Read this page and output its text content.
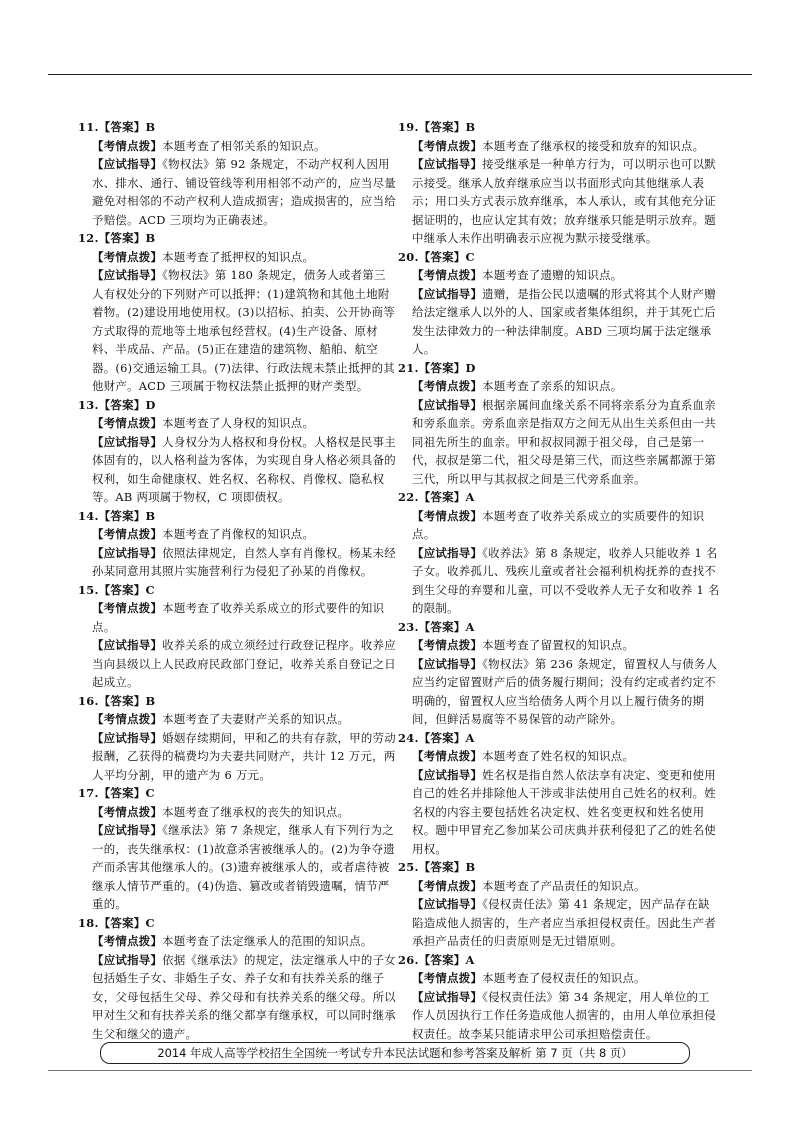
11.【答案】B
【考情点拨】本题考查了相邻关系的知识点。
【应试指导】《物权法》第 92 条规定，不动产权利人因用水、排水、通行、铺设管线等利用相邻不动产的，应当尽量避免对相邻的不动产权利人造成损害；造成损害的，应当给予赔偿。ACD 三项均为正确表述。
12.【答案】B
【考情点拨】本题考查了抵押权的知识点。
【应试指导】《物权法》第 180 条规定，债务人或者第三人有权处分的下列财产可以抵押：(1)建筑物和其他土地附着物。(2)建设用地使用权。(3)以招标、拍卖、公开协商等方式取得的荒地等土地承包经营权。(4)生产设备、原材料、半成品、产品。(5)正在建造的建筑物、船舶、航空器。(6)交通运输工具。(7)法律、行政法规未禁止抵押的其他财产。ACD 三项属于物权法禁止抵押的财产类型。
13.【答案】D
【考情点拨】本题考查了人身权的知识点。
【应试指导】人身权分为人格权和身份权。人格权是民事主体固有的，以人格利益为客体，为实现自身人格必须具备的权利，如生命健康权、姓名权、名称权、肖像权、隐私权等。AB 两项属于物权，C 项即债权。
14.【答案】B
【考情点拨】本题考查了肖像权的知识点。
【应试指导】依照法律规定，自然人享有肖像权。杨某未经孙某同意用其照片实施营利行为侵犯了孙某的肖像权。
15.【答案】C
【考情点拨】本题考查了收养关系成立的形式要件的知识点。
【应试指导】收养关系的成立须经过行政登记程序。收养应当向县级以上人民政府民政部门登记，收养关系自登记之日起成立。
16.【答案】B
【考情点拨】本题考查了夫妻财产关系的知识点。
【应试指导】婚姻存续期间，甲和乙的共有存款，甲的劳动报酬，乙获得的稿费均为夫妻共同财产，共计 12 万元，两人平均分割，甲的遗产为 6 万元。
17.【答案】C
【考情点拨】本题考查了继承权的丧失的知识点。
【应试指导】《继承法》第 7 条规定，继承人有下列行为之一的，丧失继承权：(1)故意杀害被继承人的。(2)为争夺遗产而杀害其他继承人的。(3)遗弃被继承人的，或者虐待被继承人情节严重的。(4)伪造、篡改或者销毁遗嘱，情节严重的。
18.【答案】C
【考情点拨】本题考查了法定继承人的范围的知识点。
【应试指导】依据《继承法》的规定，法定继承人中的子女包括婚生子女、非婚生子女、养子女和有扶养关系的继子女，父母包括生父母、养父母和有扶养关系的继父母。所以甲对生父和有扶养关系的继父都享有继承权，可以同时继承生父和继父的遗产。
19.【答案】B
【考情点拨】本题考查了继承权的接受和放弃的知识点。
【应试指导】接受继承是一种单方行为，可以明示也可以默示接受。继承人放弃继承应当以书面形式向其他继承人表示；用口头方式表示放弃继承，本人承认，或有其他充分证据证明的，也应认定其有效；放弃继承只能是明示放弃。题中继承人未作出明确表示应视为默示接受继承。
20.【答案】C
【考情点拨】本题考查了遗赠的知识点。
【应试指导】遗赠，是指公民以遗嘱的形式将其个人财产赠给法定继承人以外的人、国家或者集体组织，并于其死亡后发生法律效力的一种法律制度。ABD 三项均属于法定继承人。
21.【答案】D
【考情点拨】本题考查了亲系的知识点。
【应试指导】根据亲属间血缘关系不同将亲系分为直系血亲和旁系血亲。旁系血亲是指双方之间无从出生关系但由一共同祖先所生的血亲。甲和叔叔同源于祖父母，自己是第一代，叔叔是第二代，祖父母是第三代，而这些亲属都源于第三代，所以甲与其叔叔之间是三代旁系血亲。
22.【答案】A
【考情点拨】本题考查了收养关系成立的实质要件的知识点。
【应试指导】《收养法》第 8 条规定，收养人只能收养 1 名子女。收养孤儿、残疾儿童或者社会福利机构抚养的查找不到生父母的弃婴和儿童，可以不受收养人无子女和收养 1 名的限制。
23.【答案】A
【考情点拨】本题考查了留置权的知识点。
【应试指导】《物权法》第 236 条规定，留置权人与债务人应当约定留置财产后的债务履行期间；没有约定或者约定不明确的，留置权人应当给债务人两个月以上履行债务的期间，但鲜活易腐等不易保管的动产除外。
24.【答案】A
【考情点拨】本题考查了姓名权的知识点。
【应试指导】姓名权是指自然人依法享有决定、变更和使用自己的姓名并排除他人干涉或非法使用自己姓名的权利。姓名权的内容主要包括姓名决定权、姓名变更权和姓名使用权。题中甲冒充乙参加某公司庆典并获利侵犯了乙的姓名使用权。
25.【答案】B
【考情点拨】本题考查了产品责任的知识点。
【应试指导】《侵权责任法》第 41 条规定，因产品存在缺陷造成他人损害的，生产者应当承担侵权责任。因此生产者承担产品责任的归责原则是无过错原则。
26.【答案】A
【考情点拨】本题考查了侵权责任的知识点。
【应试指导】《侵权责任法》第 34 条规定，用人单位的工作人员因执行工作任务造成他人损害的，由用人单位承担侵权责任。故李某只能请求甲公司承担赔偿责任。
2014 年成人高等学校招生全国统一考试专升本民法试题和参考答案及解析 第 7 页（共 8 页）
